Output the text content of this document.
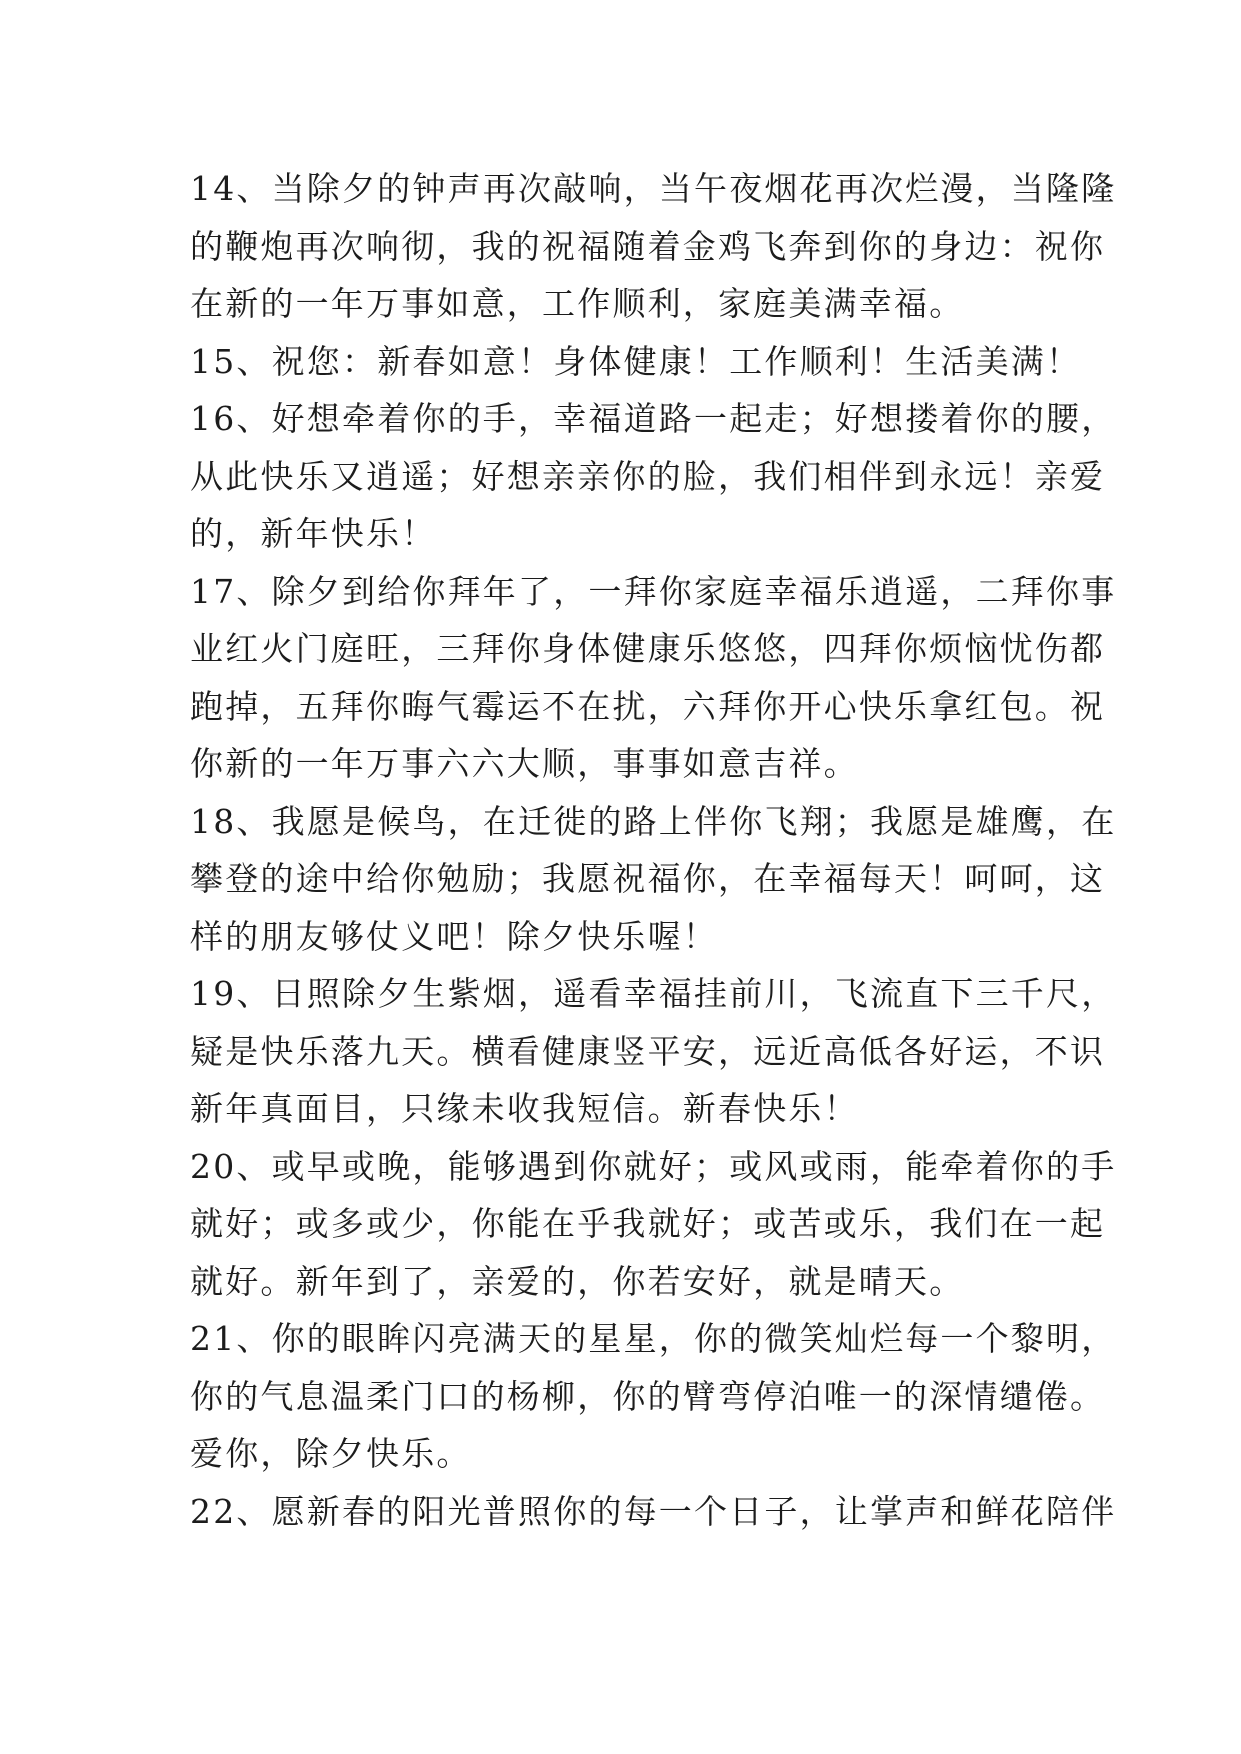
14、当除夕的钟声再次敲响，当午夜烟花再次烂漫，当隆隆
的鞭炮再次响彻，我的祝福随着金鸡飞奔到你的身边：祝你
在新的一年万事如意，工作顺利，家庭美满幸福。
15、祝您：新春如意！身体健康！工作顺利！生活美满！
16、好想牵着你的手，幸福道路一起走；好想搂着你的腰，
从此快乐又逍遥；好想亲亲你的脸，我们相伴到永远！亲爱
的，新年快乐！
17、除夕到给你拜年了，一拜你家庭幸福乐逍遥，二拜你事
业红火门庭旺，三拜你身体健康乐悠悠，四拜你烦恼忧伤都
跑掉，五拜你晦气霉运不在扰，六拜你开心快乐拿红包。祝
你新的一年万事六六大顺，事事如意吉祥。
18、我愿是候鸟，在迁徙的路上伴你飞翔；我愿是雄鹰，在
攀登的途中给你勉励；我愿祝福你，在幸福每天！呵呵，这
样的朋友够仗义吧！除夕快乐喔！
19、日照除夕生紫烟，遥看幸福挂前川，飞流直下三千尺，
疑是快乐落九天。横看健康竖平安，远近高低各好运，不识
新年真面目，只缘未收我短信。新春快乐！
20、或早或晚，能够遇到你就好；或风或雨，能牵着你的手
就好；或多或少，你能在乎我就好；或苦或乐，我们在一起
就好。新年到了，亲爱的，你若安好，就是晴天。
21、你的眼眸闪亮满天的星星，你的微笑灿烂每一个黎明，
你的气息温柔门口的杨柳，你的臂弯停泊唯一的深情缱倦。
爱你，除夕快乐。
22、愿新春的阳光普照你的每一个日子，让掌声和鲜花陪伴
